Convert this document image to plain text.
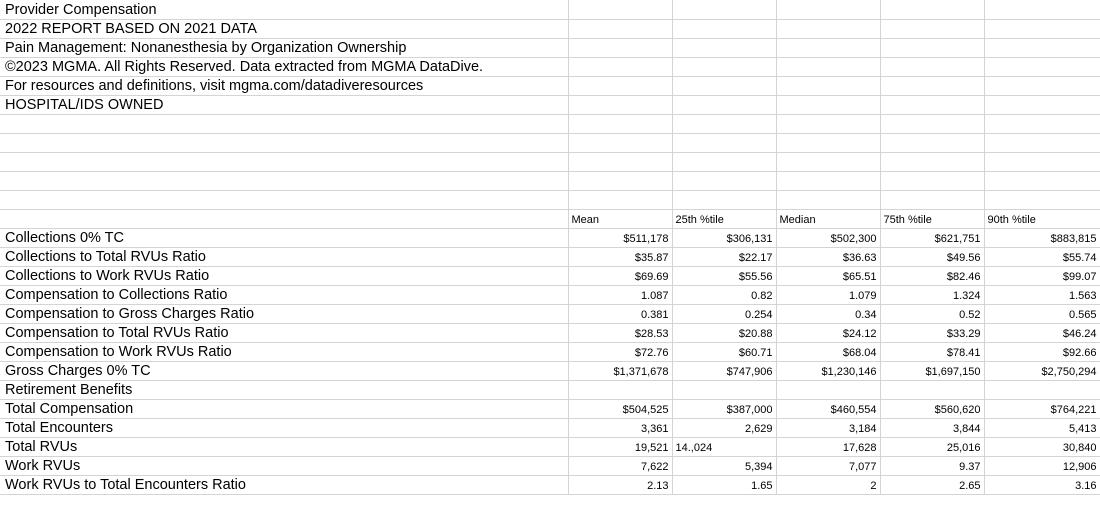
Provider Compensation					
2022 REPORT BASED ON 2021 DATA					
Pain Management: Nonanesthesia by Organization Ownership					
©2023 MGMA. All Rights Reserved. Data extracted from MGMA DataDive.					
For resources and definitions, visit mgma.com/datadiveresources					
HOSPITAL/IDS OWNED					

	Mean	25th %tile	Median	75th %tile	90th %tile
Collections 0% TC	$511,178	$306,131	$502,300	$621,751	$883,815
Collections to Total RVUs Ratio	$35.87	$22.17	$36.63	$49.56	$55.74
Collections to Work RVUs Ratio	$69.69	$55.56	$65.51	$82.46	$99.07
Compensation to Collections Ratio	1.087	0.82	1.079	1.324	1.563
Compensation to Gross Charges Ratio	0.381	0.254	0.34	0.52	0.565
Compensation to Total RVUs Ratio	$28.53	$20.88	$24.12	$33.29	$46.24
Compensation to Work RVUs Ratio	$72.76	$60.71	$68.04	$78.41	$92.66
Gross Charges 0% TC	$1,371,678	$747,906	$1,230,146	$1,697,150	$2,750,294
Retirement Benefits					
Total Compensation	$504,525	$387,000	$460,554	$560,620	$764,221
Total Encounters	3,361	2,629	3,184	3,844	5,413
Total RVUs	19,521	14.,024	17,628	25,016	30,840
Work RVUs	7,622	5,394	7,077	9.37	12,906
Work RVUs to Total Encounters Ratio	2.13	1.65	2	2.65	3.16
